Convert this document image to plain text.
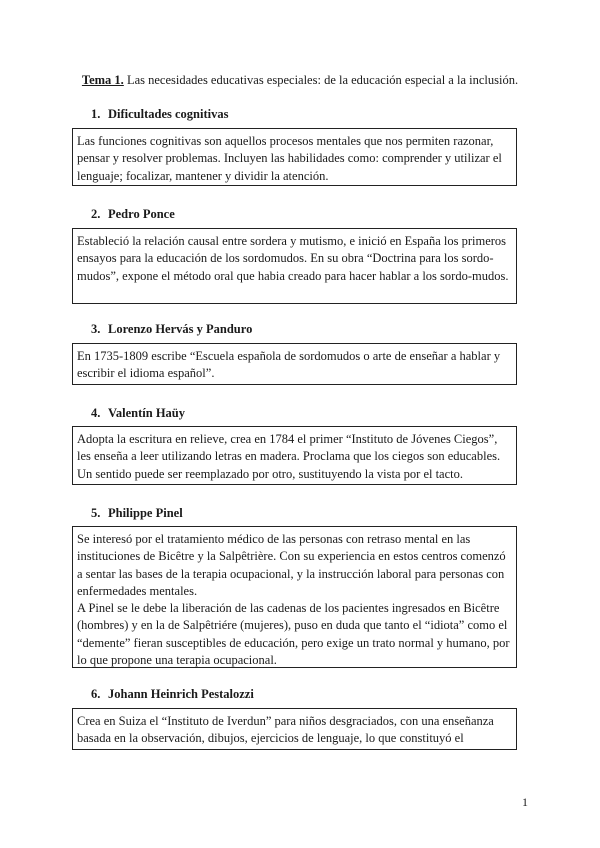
Tema 1. Las necesidades educativas especiales: de la educación especial a la inclusión.
1. Dificultades cognitivas

Las funciones cognitivas son aquellos procesos mentales que nos permiten razonar, pensar y resolver problemas. Incluyen las habilidades como: comprender y utilizar el lenguaje; focalizar, mantener y dividir la atención.

2. Pedro Ponce

Estableció la relación causal entre sordera y mutismo, e inició en España los primeros ensayos para la educación de los sordomudos. En su obra “Doctrina para los sordo-mudos”, expone el método oral que habia creado para hacer hablar a los sordo-mudos.

3. Lorenzo Hervás y Panduro

En 1735-1809 escribe “Escuela española de sordomudos o arte de enseñar a hablar y escribir el idioma español”.

4. Valentín Haüy

Adopta la escritura en relieve, crea en 1784 el primer “Instituto de Jóvenes Ciegos”, les enseña a leer utilizando letras en madera. Proclama que los ciegos son educables. Un sentido puede ser reemplazado por otro, sustituyendo la vista por el tacto.

5. Philippe Pinel

Se interesó por el tratamiento médico de las personas con retraso mental en las instituciones de Bicêtre y la Salpêtrière. Con su experiencia en estos centros comenzó a sentar las bases de la terapia ocupacional, y la instrucción laboral para personas con enfermedades mentales.

A Pinel se le debe la liberación de las cadenas de los pacientes ingresados en Bicêtre (hombres) y en la de Salpêtriére (mujeres), puso en duda que tanto el “idiota” como el “demente” fieran susceptibles de educación, pero exige un trato normal y humano, por lo que propone una terapia ocupacional.

6. Johann Heinrich Pestalozzi

Crea en Suiza el “Instituto de Iverdun” para niños desgraciados, con una enseñanza basada en la observación, dibujos, ejercicios de lenguaje, lo que constituyó el

1
